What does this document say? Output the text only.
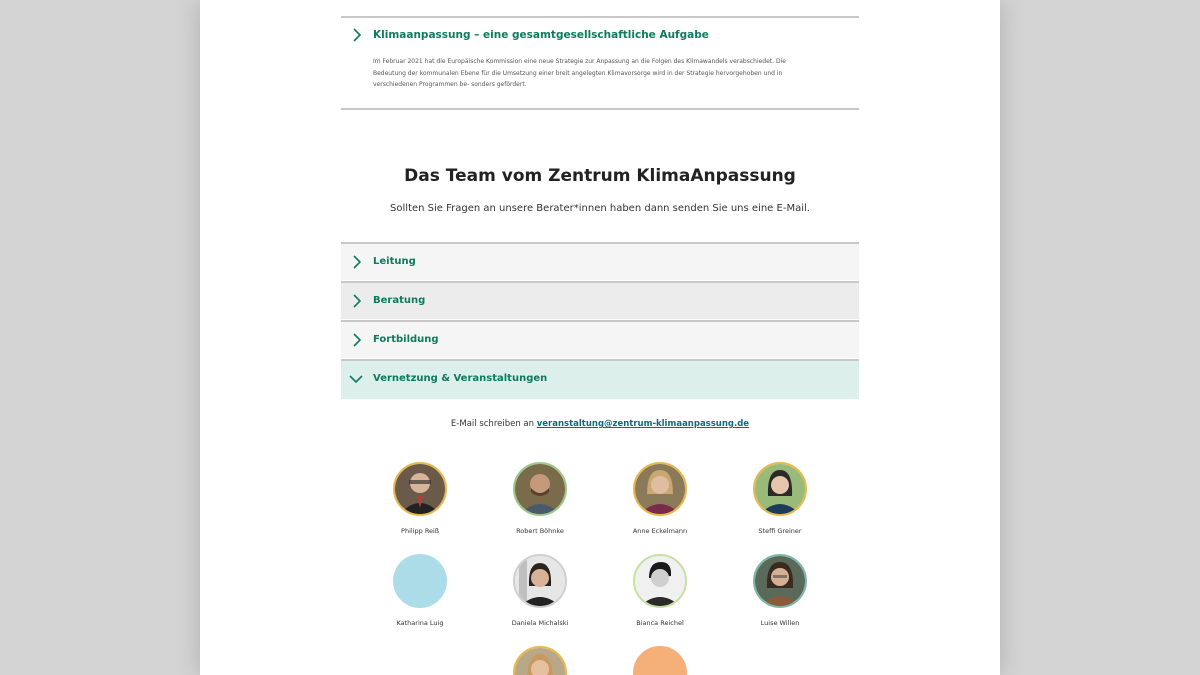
Klimaanpassung – eine gesamtgesellschaftliche Aufgabe
Im Februar 2021 hat die Europäische Kommission eine neue Strategie zur Anpassung an die Folgen des Klimawandels verabschiedet. Die Bedeutung der kommunalen Ebene für die Umsetzung einer breit angelegten Klimavorsorge wird in der Strategie hervorgehoben und in verschiedenen Programmen be- sonders gefördert.
Das Team vom Zentrum KlimaAnpassung
Sollten Sie Fragen an unsere Berater*innen haben dann senden Sie uns eine E-Mail.
Leitung
Beratung
Fortbildung
Vernetzung & Veranstaltungen
E-Mail schreiben an veranstaltung@zentrum-klimaanpassung.de
Philipp Reiß	Robert Böhnke	Anne Eckelmann	Steffi Greiner
Katharina Luig	Daniela Michalski	Bianca Reichel	Luise Willen
